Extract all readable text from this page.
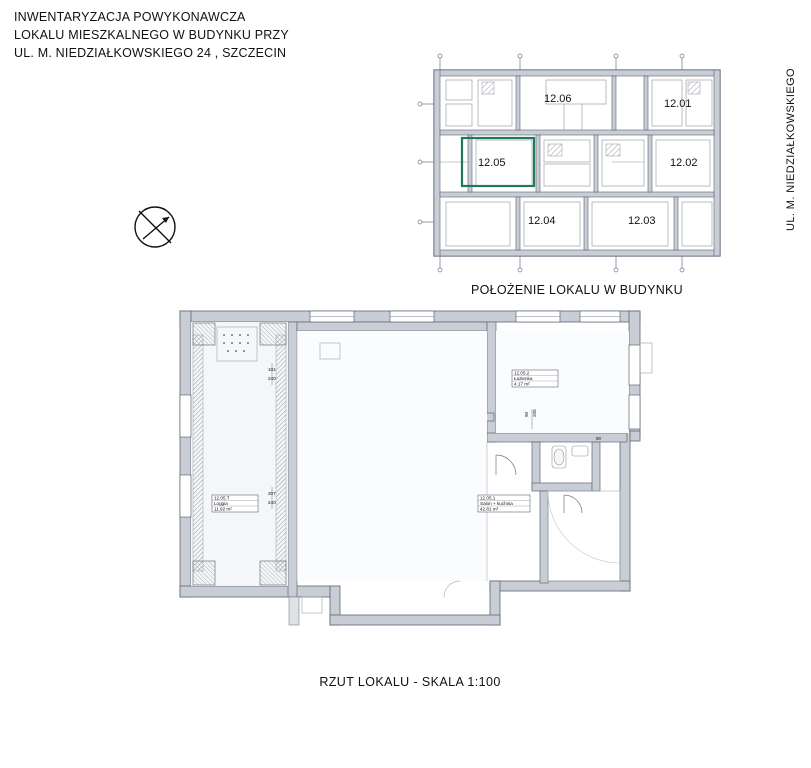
INWENTARYZACJA POWYKONAWCZA
LOKALU MIESZKALNEGO W BUDYNKU PRZY
UL. M. NIEDZIAŁKOWSKIEGO 24 , SZCZECIN
UL. M. NIEDZIAŁKOWSKIEGO
12.06	12.01
12.05	12.02
12.04	12.03
POŁOŻENIE LOKALU W BUDYNKU
101
240
207
240
90 205
90
12.05.T
Loggia
11.92 m²
12.05.2
Łazienka
4.17 m²
12.05.1
Salon + kuchnia
42.81 m²
RZUT LOKALU - SKALA 1:100
